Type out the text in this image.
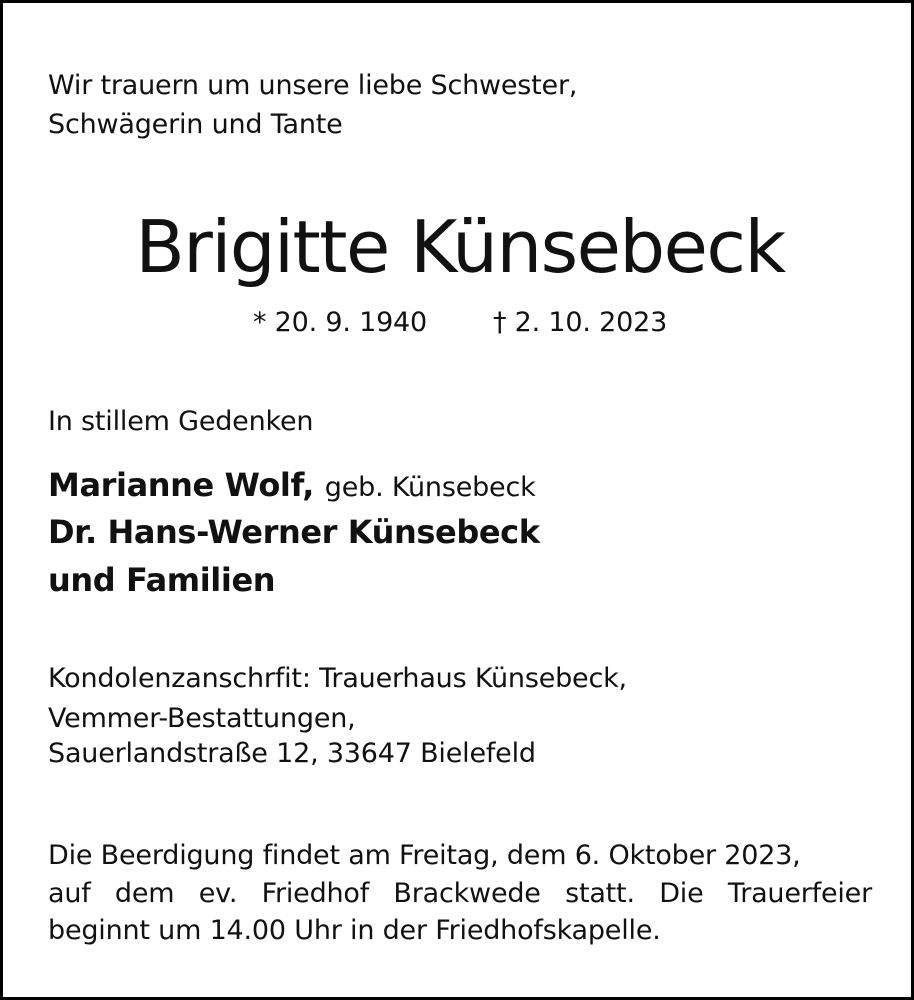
Wir trauern um unsere liebe Schwester,
Schwägerin und Tante
Brigitte Künsebeck
* 20. 9. 1940 † 2. 10. 2023
In stillem Gedenken
Marianne Wolf, geb. Künsebeck
Dr. Hans-Werner Künsebeck
und Familien
Kondolenzanschrfit: Trauerhaus Künsebeck,
Vemmer-Bestattungen,
Sauerlandstraße 12, 33647 Bielefeld
Die Beerdigung findet am Freitag, dem 6. Oktober 2023,
auf dem ev. Friedhof Brackwede statt. Die Trauerfeier
beginnt um 14.00 Uhr in der Friedhofskapelle.
